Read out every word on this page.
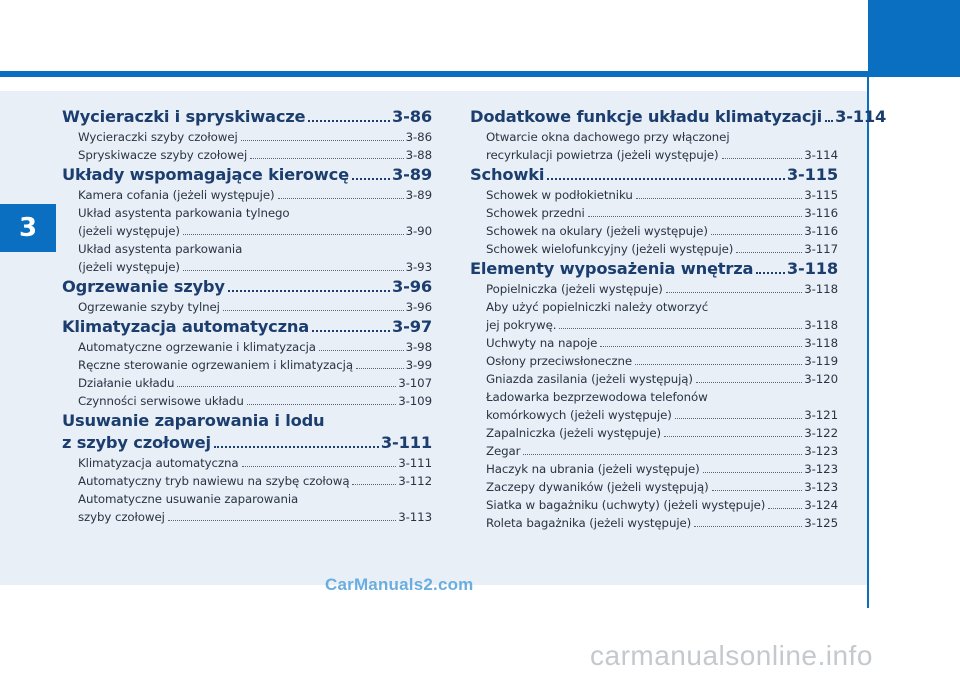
3
Wycieraczki i spryskiwacze	3-86
Wycieraczki szyby czołowej	3-86
Spryskiwacze szyby czołowej	3-88
Układy wspomagające kierowcę	3-89
Kamera cofania (jeżeli występuje)	3-89
Układ asystenta parkowania tylnego
(jeżeli występuje)	3-90
Układ asystenta parkowania
(jeżeli występuje)	3-93
Ogrzewanie szyby	3-96
Ogrzewanie szyby tylnej	3-96
Klimatyzacja automatyczna	3-97
Automatyczne ogrzewanie i klimatyzacja	3-98
Ręczne sterowanie ogrzewaniem i klimatyzacją	3-99
Działanie układu	3-107
Czynności serwisowe układu	3-109
Usuwanie zaparowania i lodu
z szyby czołowej	3-111
Klimatyzacja automatyczna	3-111
Automatyczny tryb nawiewu na szybę czołową	3-112
Automatyczne usuwanie zaparowania
szyby czołowej	3-113
Dodatkowe funkcje układu klimatyzacji 3-114
Otwarcie okna dachowego przy włączonej
recyrkulacji powietrza (jeżeli występuje)	3-114
Schowki	3-115
Schowek w podłokietniku	3-115
Schowek przedni	3-116
Schowek na okulary (jeżeli występuje)	3-116
Schowek wielofunkcyjny (jeżeli występuje)	3-117
Elementy wyposażenia wnętrza 3-118
Popielniczka (jeżeli występuje)	3-118
Aby użyć popielniczki należy otworzyć
jej pokrywę.	3-118
Uchwyty na napoje	3-118
Osłony przeciwsłoneczne	3-119
Gniazda zasilania (jeżeli występują)	3-120
Ładowarka bezprzewodowa telefonów
komórkowych (jeżeli występuje)	3-121
Zapalniczka (jeżeli występuje)	3-122
Zegar	3-123
Haczyk na ubrania (jeżeli występuje)	3-123
Zaczepy dywaników (jeżeli występują)	3-123
Siatka w bagażniku (uchwyty) (jeżeli występuje)	3-124
Roleta bagażnika (jeżeli występuje)	3-125
CarManuals2.com
carmanualsonline.info
